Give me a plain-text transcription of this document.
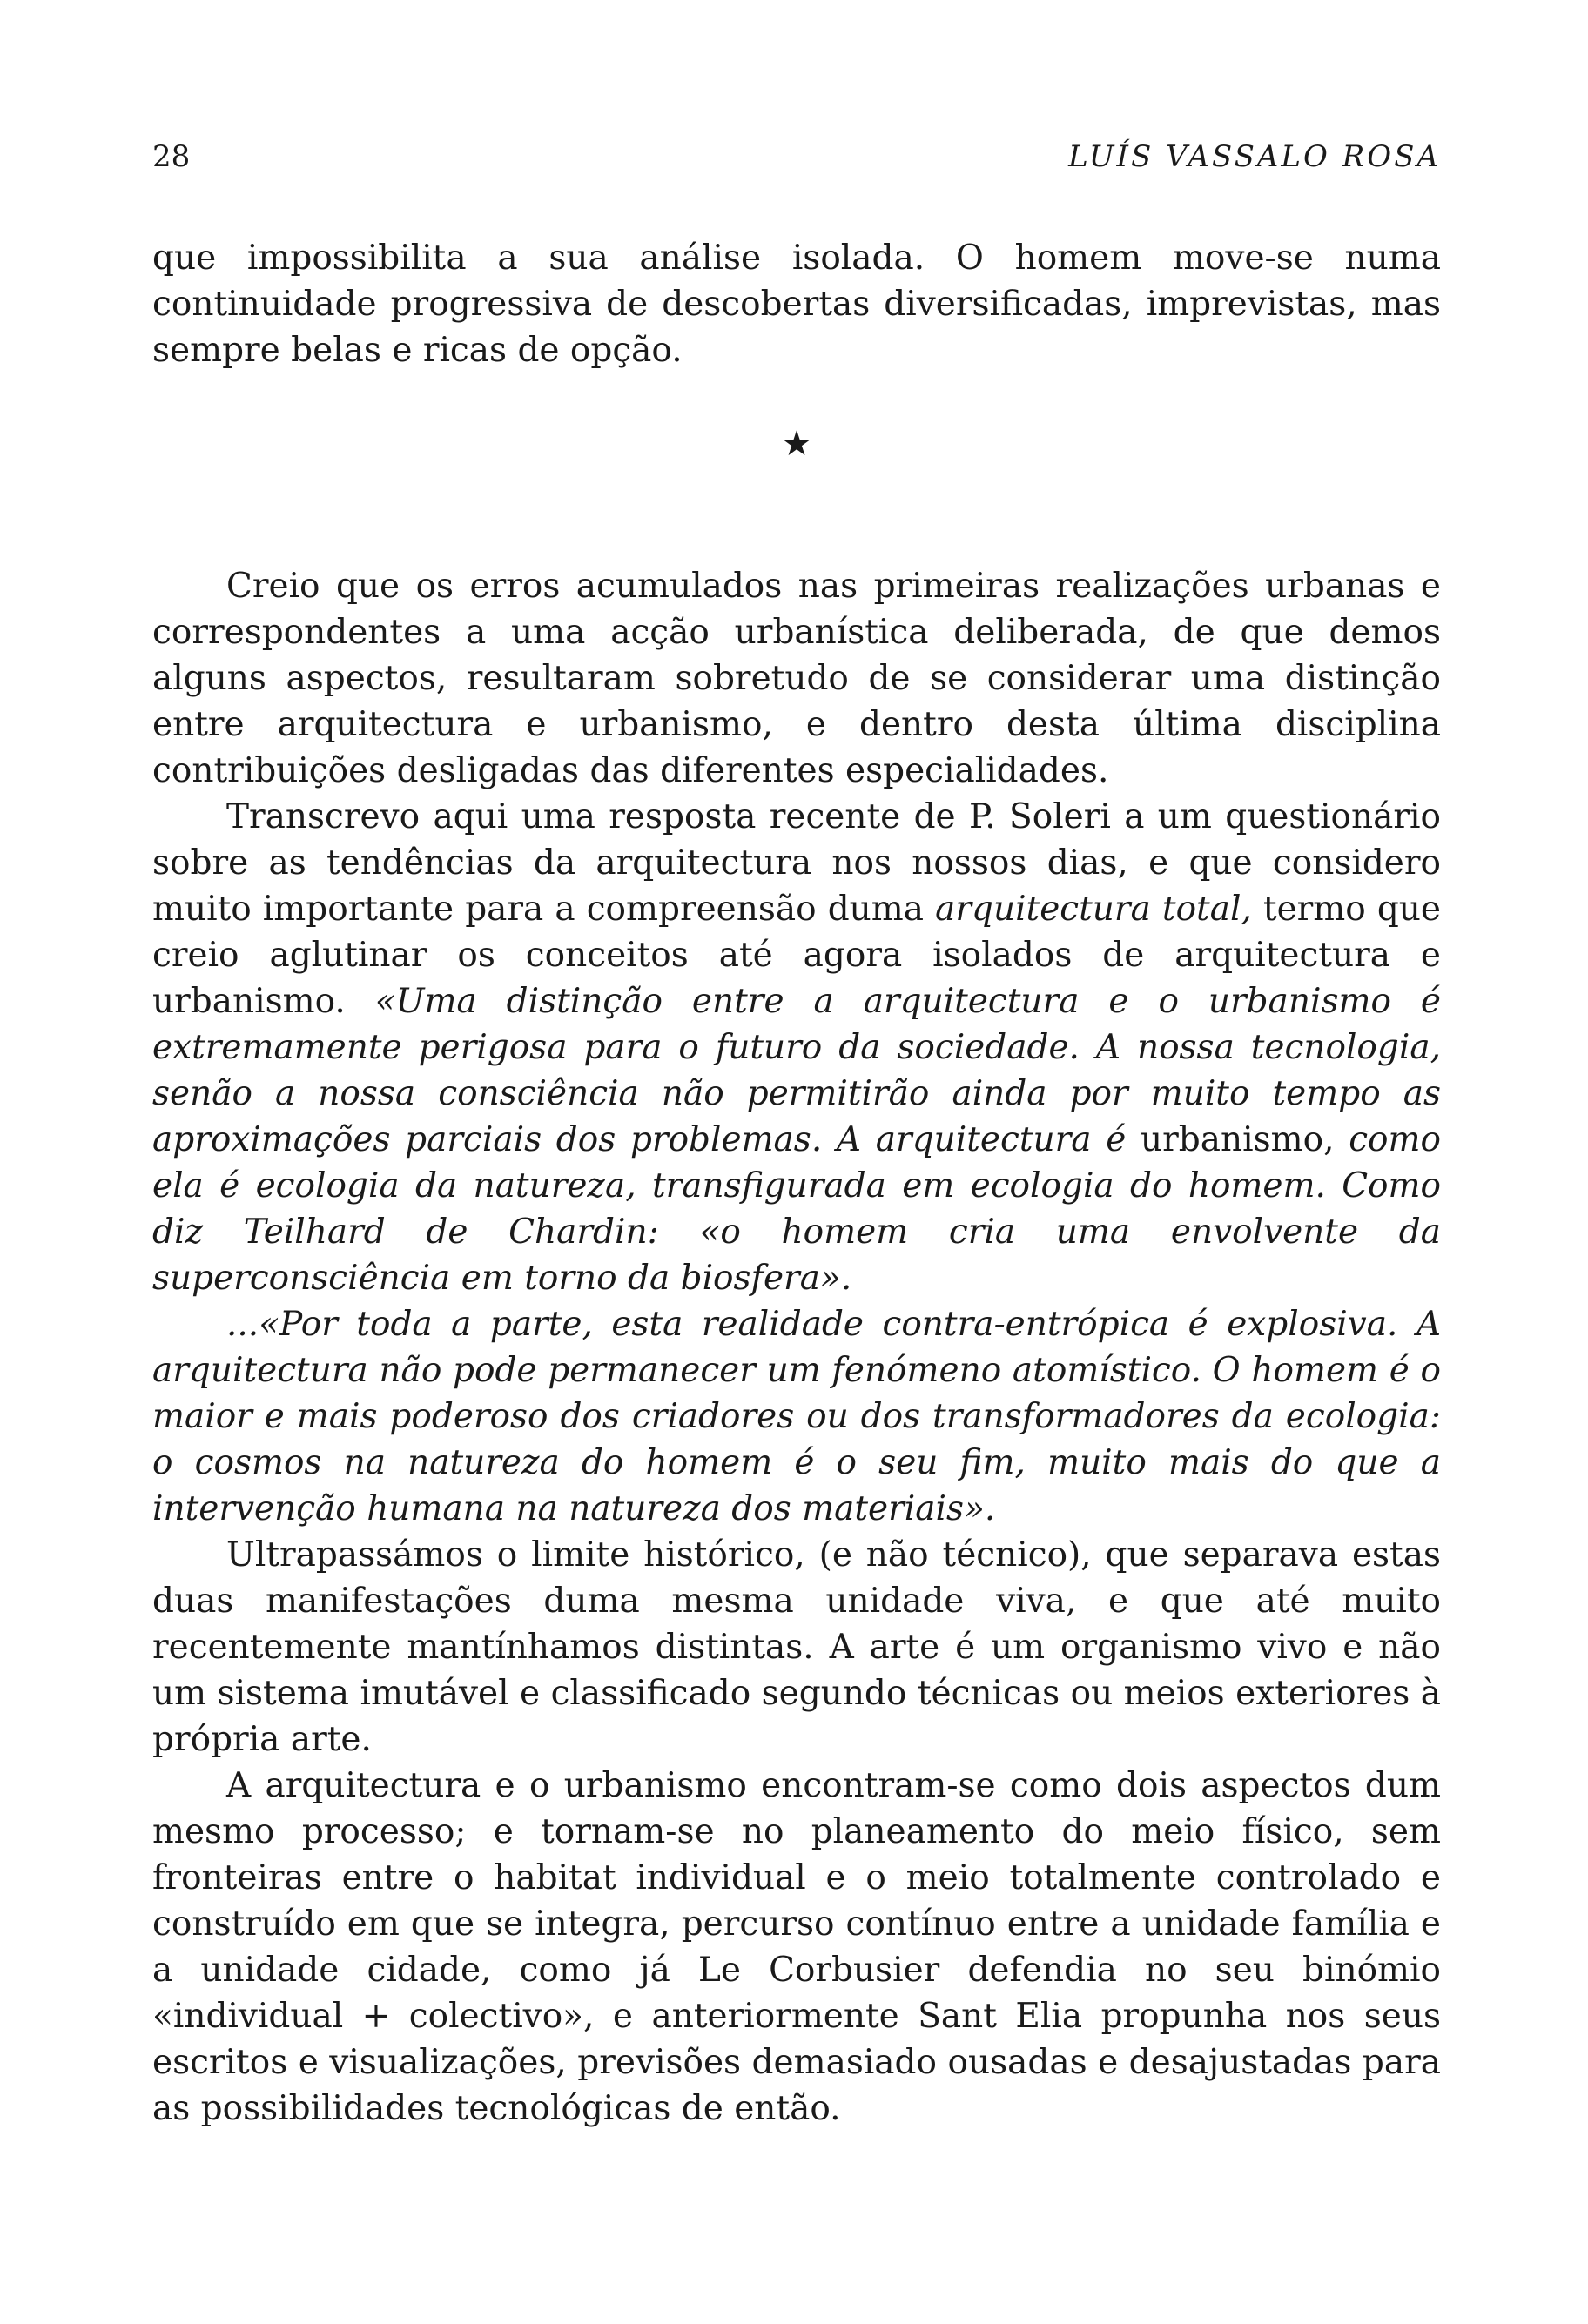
28	LUÍS VASSALO ROSA

que impossibilita a sua análise isolada. O homem move-se numa continuidade progressiva de descobertas diversificadas, imprevistas, mas sempre belas e ricas de opção.

★

Creio que os erros acumulados nas primeiras realizações urbanas e correspondentes a uma acção urbanística deliberada, de que demos alguns aspectos, resultaram sobretudo de se considerar uma distinção entre arquitectura e urbanismo, e dentro desta última disciplina contribuições desligadas das diferentes especialidades.

Transcrevo aqui uma resposta recente de P. Soleri a um questionário sobre as tendências da arquitectura nos nossos dias, e que considero muito importante para a compreensão duma arquitectura total, termo que creio aglutinar os conceitos até agora isolados de arquitectura e urbanismo. «Uma distinção entre a arquitectura e o urbanismo é extremamente perigosa para o futuro da sociedade. A nossa tecnologia, senão a nossa consciência não permitirão ainda por muito tempo as aproximações parciais dos problemas. A arquitectura é urbanismo, como ela é ecologia da natureza, transfigurada em ecologia do homem. Como diz Teilhard de Chardin: «o homem cria uma envolvente da superconsciência em torno da biosfera».

...«Por toda a parte, esta realidade contra-entrópica é explosiva. A arquitectura não pode permanecer um fenómeno atomístico. O homem é o maior e mais poderoso dos criadores ou dos transformadores da ecologia: o cosmos na natureza do homem é o seu fim, muito mais do que a intervenção humana na natureza dos materiais».

Ultrapassámos o limite histórico, (e não técnico), que separava estas duas manifestações duma mesma unidade viva, e que até muito recentemente mantínhamos distintas. A arte é um organismo vivo e não um sistema imutável e classificado segundo técnicas ou meios exteriores à própria arte.

A arquitectura e o urbanismo encontram-se como dois aspectos dum mesmo processo; e tornam-se no planeamento do meio físico, sem fronteiras entre o habitat individual e o meio totalmente controlado e construído em que se integra, percurso contínuo entre a unidade família e a unidade cidade, como já Le Corbusier defendia no seu binómio «individual + colectivo», e anteriormente Sant Elia propunha nos seus escritos e visualizações, previsões demasiado ousadas e desajustadas para as possibilidades tecnológicas de então.
